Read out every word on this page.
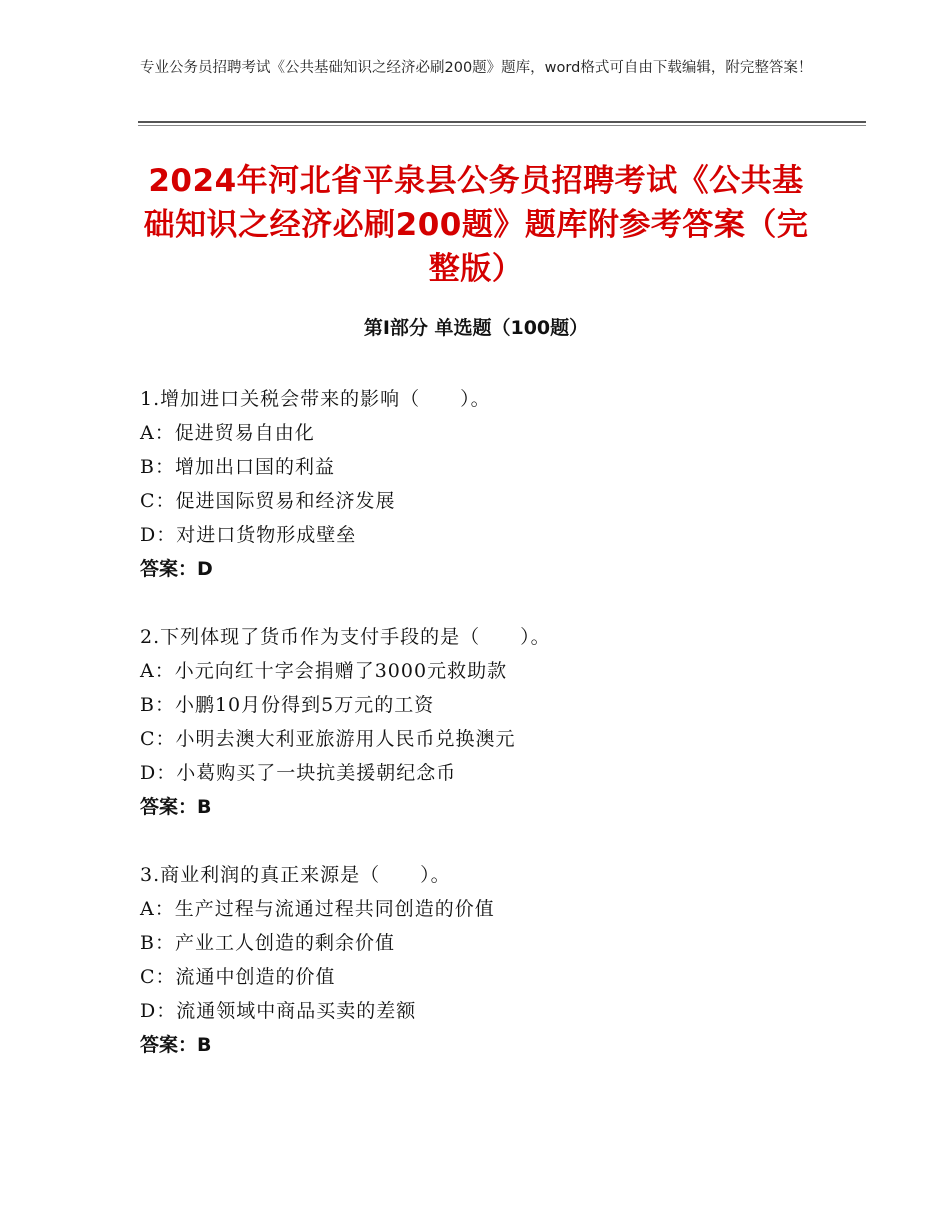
专业公务员招聘考试《公共基础知识之经济必刷200题》题库，word格式可自由下载编辑，附完整答案！
2024年河北省平泉县公务员招聘考试《公共基础知识之经济必刷200题》题库附参考答案（完整版）
第I部分 单选题（100题）
1.增加进口关税会带来的影响（　　）。
A：促进贸易自由化
B：增加出口国的利益
C：促进国际贸易和经济发展
D：对进口货物形成壁垒
答案：D
2.下列体现了货币作为支付手段的是（　　）。
A：小元向红十字会捐赠了3000元救助款
B：小鹏10月份得到5万元的工资
C：小明去澳大利亚旅游用人民币兑换澳元
D：小葛购买了一块抗美援朝纪念币
答案：B
3.商业利润的真正来源是（　　）。
A：生产过程与流通过程共同创造的价值
B：产业工人创造的剩余价值
C：流通中创造的价值
D：流通领域中商品买卖的差额
答案：B
